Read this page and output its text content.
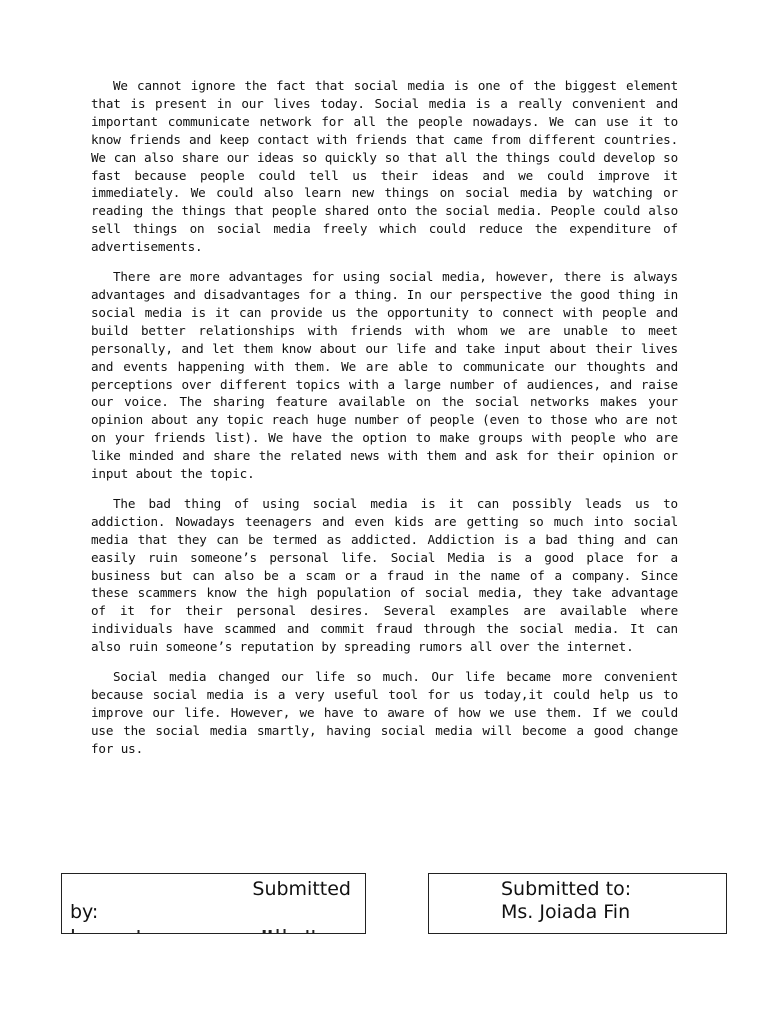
We cannot ignore the fact that social media is one of the biggest element that is present in our lives today. Social media is a really convenient and important communicate network for all the people nowadays. We can use it to know friends and keep contact with friends that came from different countries. We can also share our ideas so quickly so that all the things could develop so fast because people could tell us their ideas and we could improve it immediately. We could also learn new things on social media by watching or reading the things that people shared onto the social media. People could also sell things on social media freely which could reduce the expenditure of advertisements.

There are more advantages for using social media, however, there is always advantages and disadvantages for a thing. In our perspective the good thing in social media is it can provide us the opportunity to connect with people and build better relationships with friends with whom we are unable to meet personally, and let them know about our life and take input about their lives and events happening with them. We are able to communicate our thoughts and perceptions over different topics with a large number of audiences, and raise our voice. The sharing feature available on the social networks makes your opinion about any topic reach huge number of people (even to those who are not on your friends list). We have the option to make groups with people who are like minded and share the related news with them and ask for their opinion or input about the topic.

The bad thing of using social media is it can possibly leads us to addiction. Nowadays teenagers and even kids are getting so much into social media that they can be termed as addicted. Addiction is a bad thing and can easily ruin someone’s personal life. Social Media is a good place for a business but can also be a scam or a fraud in the name of a company. Since these scammers know the high population of social media, they take advantage of it for their personal desires. Several examples are available where individuals have scammed and commit fraud through the social media. It can also ruin someone’s reputation by spreading rumors all over the internet.

Social media changed our life so much. Our life became more convenient because social media is a very useful tool for us today,it could help us to improve our life. However, we have to aware of how we use them. If we could use the social media smartly, having social media will become a good change for us.

Submitted
by:
Submitted to:
Ms. Joiada Fin
